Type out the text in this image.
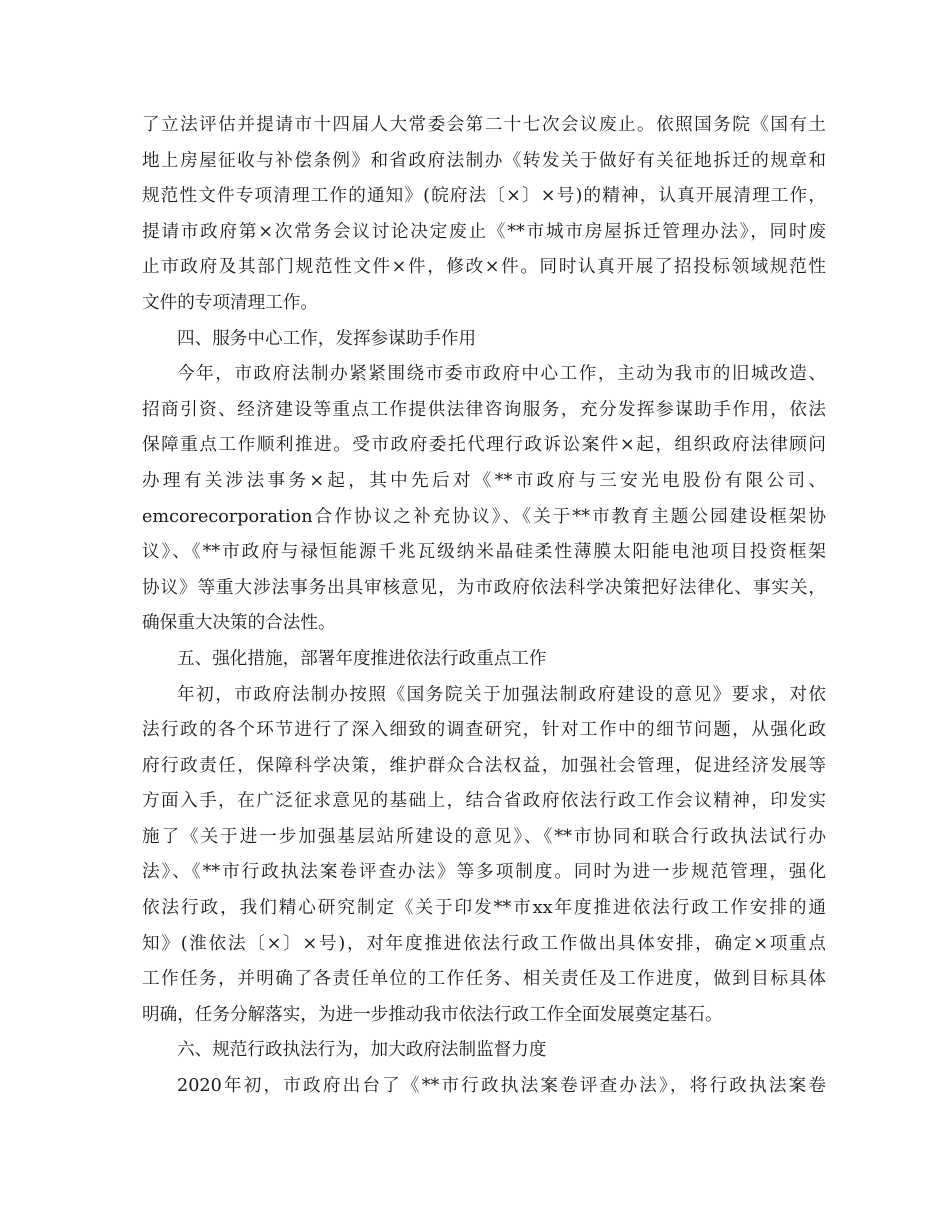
了立法评估并提请市十四届人大常委会第二十七次会议废止。依照国务院《国有土
地上房屋征收与补偿条例》和省政府法制办《转发关于做好有关征地拆迁的规章和
规范性文件专项清理工作的通知》(皖府法〔×〕×号)的精神，认真开展清理工作，
提请市政府第×次常务会议讨论决定废止《**市城市房屋拆迁管理办法》，同时废
止市政府及其部门规范性文件×件，修改×件。同时认真开展了招投标领域规范性
文件的专项清理工作。
四、服务中心工作，发挥参谋助手作用
今年，市政府法制办紧紧围绕市委市政府中心工作，主动为我市的旧城改造、
招商引资、经济建设等重点工作提供法律咨询服务，充分发挥参谋助手作用，依法
保障重点工作顺利推进。受市政府委托代理行政诉讼案件×起，组织政府法律顾问
办理有关涉法事务×起，其中先后对《**市政府与三安光电股份有限公司、
emcorecorporation合作协议之补充协议》、《关于**市教育主题公园建设框架协
议》、《**市政府与禄恒能源千兆瓦级纳米晶硅柔性薄膜太阳能电池项目投资框架
协议》等重大涉法事务出具审核意见，为市政府依法科学决策把好法律化、事实关，
确保重大决策的合法性。
五、强化措施，部署年度推进依法行政重点工作
年初，市政府法制办按照《国务院关于加强法制政府建设的意见》要求，对依
法行政的各个环节进行了深入细致的调查研究，针对工作中的细节问题，从强化政
府行政责任，保障科学决策，维护群众合法权益，加强社会管理，促进经济发展等
方面入手，在广泛征求意见的基础上，结合省政府依法行政工作会议精神，印发实
施了《关于进一步加强基层站所建设的意见》、《**市协同和联合行政执法试行办
法》、《**市行政执法案卷评查办法》等多项制度。同时为进一步规范管理，强化
依法行政，我们精心研究制定《关于印发**市xx年度推进依法行政工作安排的通
知》(淮依法〔×〕×号)，对年度推进依法行政工作做出具体安排，确定×项重点
工作任务，并明确了各责任单位的工作任务、相关责任及工作进度，做到目标具体
明确，任务分解落实，为进一步推动我市依法行政工作全面发展奠定基石。
六、规范行政执法行为，加大政府法制监督力度
2020年初，市政府出台了《**市行政执法案卷评查办法》，将行政执法案卷
